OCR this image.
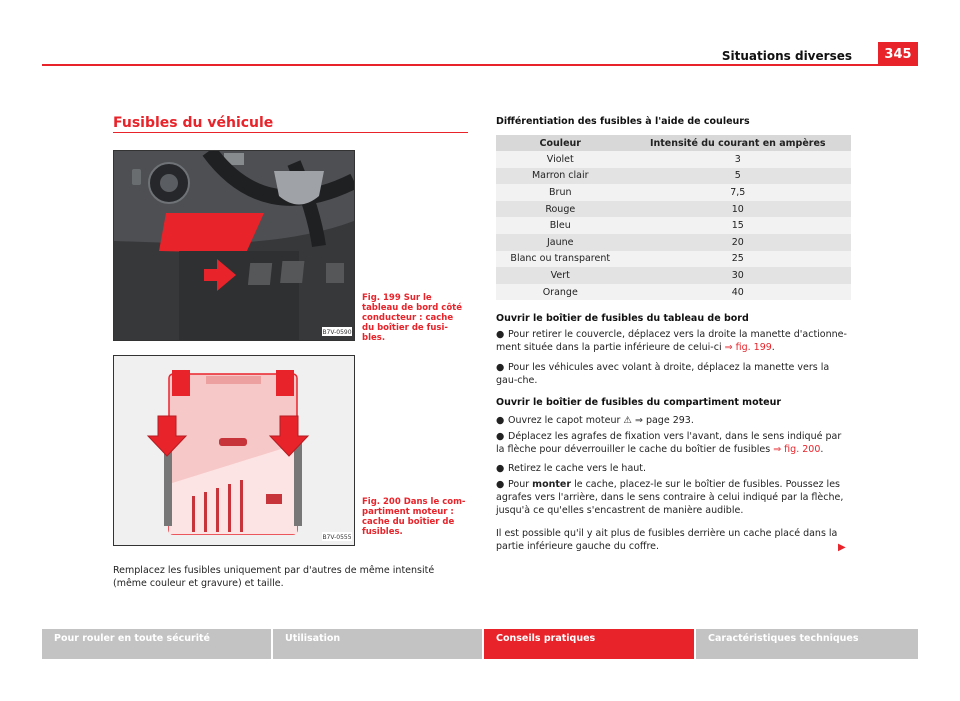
Situations diverses	345
Fusibles du véhicule
B7V-0590
Fig. 199 Sur le tableau de bord côté conducteur : cache du boîtier de fusi-bles.
B7V-0555
Fig. 200 Dans le com-partiment moteur : cache du boîtier de fusibles.
Remplacez les fusibles uniquement par d'autres de même intensité (même couleur et gravure) et taille.
Différentiation des fusibles à l'aide de couleurs
Couleur	Intensité du courant en ampères
Violet	3
Marron clair	5
Brun	7,5
Rouge	10
Bleu	15
Jaune	20
Blanc ou transparent	25
Vert	30
Orange	40

Ouvrir le boîtier de fusibles du tableau de bord

● Pour retirer le couvercle, déplacez vers la droite la manette d'actionne-ment située dans la partie inférieure de celui-ci ⇒ fig. 199.

● Pour les véhicules avec volant à droite, déplacez la manette vers la gau-che.

Ouvrir le boîtier de fusibles du compartiment moteur

● Ouvrez le capot moteur ⚠ ⇒ page 293.

● Déplacez les agrafes de fixation vers l'avant, dans le sens indiqué par la flèche pour déverrouiller le cache du boîtier de fusibles ⇒ fig. 200.

● Retirez le cache vers le haut.

● Pour monter le cache, placez-le sur le boîtier de fusibles. Poussez les agrafes vers l'arrière, dans le sens contraire à celui indiqué par la flèche, jusqu'à ce qu'elles s'encastrent de manière audible.

Il est possible qu'il y ait plus de fusibles derrière un cache placé dans la partie inférieure gauche du coffre.	▶
Pour rouler en toute sécurité	Utilisation	Conseils pratiques	Caractéristiques techniques
